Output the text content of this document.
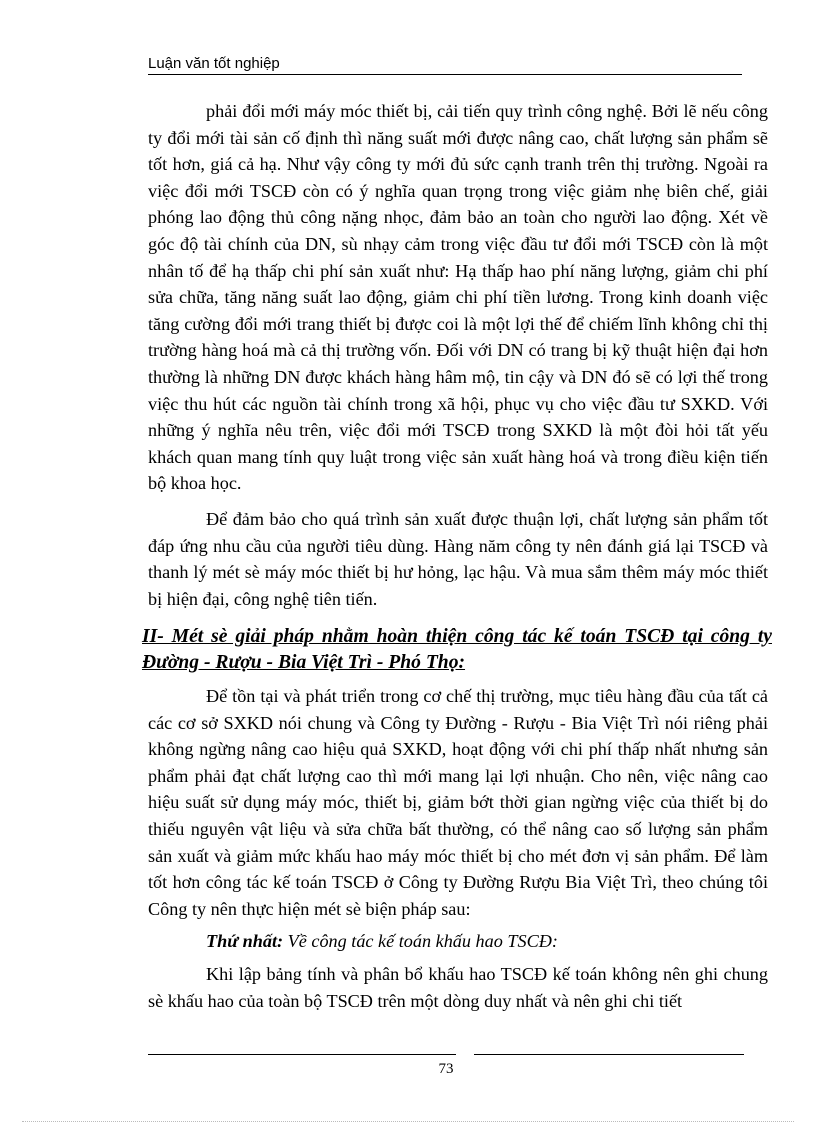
Luận văn tốt nghiệp

phải đổi mới máy móc thiết bị, cải tiến quy trình công nghệ. Bởi lẽ nếu công ty đổi mới tài sản cố định thì năng suất mới được nâng cao, chất lượng sản phẩm sẽ tốt hơn, giá cả hạ. Như vậy công ty mới đủ sức cạnh tranh trên thị trường. Ngoài ra việc đổi mới TSCĐ còn có ý nghĩa quan trọng trong việc giảm nhẹ biên chế, giải phóng lao động thủ công nặng nhọc, đảm bảo an toàn cho người lao động. Xét về góc độ tài chính của DN, sù nhạy cảm trong việc đầu tư đổi mới TSCĐ còn là một nhân tố để hạ thấp chi phí sản xuất như: Hạ thấp hao phí năng lượng, giảm chi phí sửa chữa, tăng năng suất lao động, giảm chi phí tiền lương. Trong kinh doanh việc tăng cường đổi mới trang thiết bị được coi là một lợi thế để chiếm lĩnh không chỉ thị trường hàng hoá mà cả thị trường vốn. Đối với DN có trang bị kỹ thuật hiện đại hơn thường là những DN được khách hàng hâm mộ, tin cậy và DN đó sẽ có lợi thế trong việc thu hút các nguồn tài chính trong xã hội, phục vụ cho việc đầu tư SXKD. Với những ý nghĩa nêu trên, việc đổi mới TSCĐ trong SXKD là một đòi hỏi tất yếu khách quan mang tính quy luật trong việc sản xuất hàng hoá và trong điều kiện tiến bộ khoa học.

Để đảm bảo cho quá trình sản xuất được thuận lợi, chất lượng sản phẩm tốt đáp ứng nhu cầu của người tiêu dùng. Hàng năm công ty nên đánh giá lại TSCĐ và thanh lý mét sè máy móc thiết bị hư hỏng, lạc hậu. Và mua sắm thêm máy móc thiết bị hiện đại, công nghệ tiên tiến.

II- Mét sè giải pháp nhằm hoàn thiện công tác kế toán TSCĐ tại công ty Đường - Rượu - Bia Việt Trì - Phó Thọ:

Để tồn tại và phát triển trong cơ chế thị trường, mục tiêu hàng đầu của tất cả các cơ sở SXKD nói chung và Công ty Đường - Rượu - Bia Việt Trì nói riêng phải không ngừng nâng cao hiệu quả SXKD, hoạt động với chi phí thấp nhất nhưng sản phẩm phải đạt chất lượng cao thì mới mang lại lợi nhuận. Cho nên, việc nâng cao hiệu suất sử dụng máy móc, thiết bị, giảm bớt thời gian ngừng việc của thiết bị do thiếu nguyên vật liệu và sửa chữa bất thường, có thể nâng cao số lượng sản phẩm sản xuất và giảm mức khấu hao máy móc thiết bị cho mét đơn vị sản phẩm. Để làm tốt hơn công tác kế toán TSCĐ ở Công ty Đường Rượu Bia Việt Trì, theo chúng tôi Công ty nên thực hiện mét sè biện pháp sau:

Thứ nhất: Về công tác kế toán khấu hao TSCĐ:

Khi lập bảng tính và phân bổ khấu hao TSCĐ kế toán không nên ghi chung sè khấu hao của toàn bộ TSCĐ trên một dòng duy nhất và nên ghi chi tiết

73
